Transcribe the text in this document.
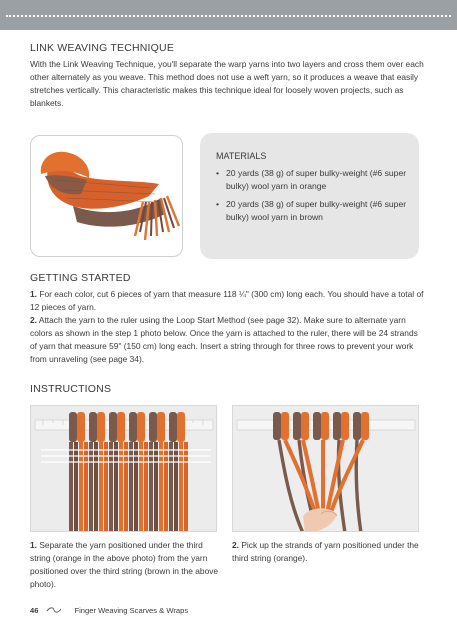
LINK WEAVING TECHNIQUE
With the Link Weaving Technique, you'll separate the warp yarns into two layers and cross them over each other alternately as you weave. This method does not use a weft yarn, so it produces a weave that easily stretches vertically. This characteristic makes this technique ideal for loosely woven projects, such as blankets.
MATERIALS
• 20 yards (38 g) of super bulky-weight (#6 super bulky) wool yarn in orange
• 20 yards (38 g) of super bulky-weight (#6 super bulky) wool yarn in brown
GETTING STARTED
1. For each color, cut 6 pieces of yarn that measure 118 ¼" (300 cm) long each. You should have a total of 12 pieces of yarn.
2. Attach the yarn to the ruler using the Loop Start Method (see page 32). Make sure to alternate yarn colors as shown in the step 1 photo below. Once the yarn is attached to the ruler, there will be 24 strands of yarn that measure 59" (150 cm) long each. Insert a string through for three rows to prevent your work from unraveling (see page 34).
INSTRUCTIONS
1. Separate the yarn positioned under the third string (orange in the above photo) from the yarn positioned over the third string (brown in the above photo).
2. Pick up the strands of yarn positioned under the third string (orange).
46	Finger Weaving Scarves & Wraps
